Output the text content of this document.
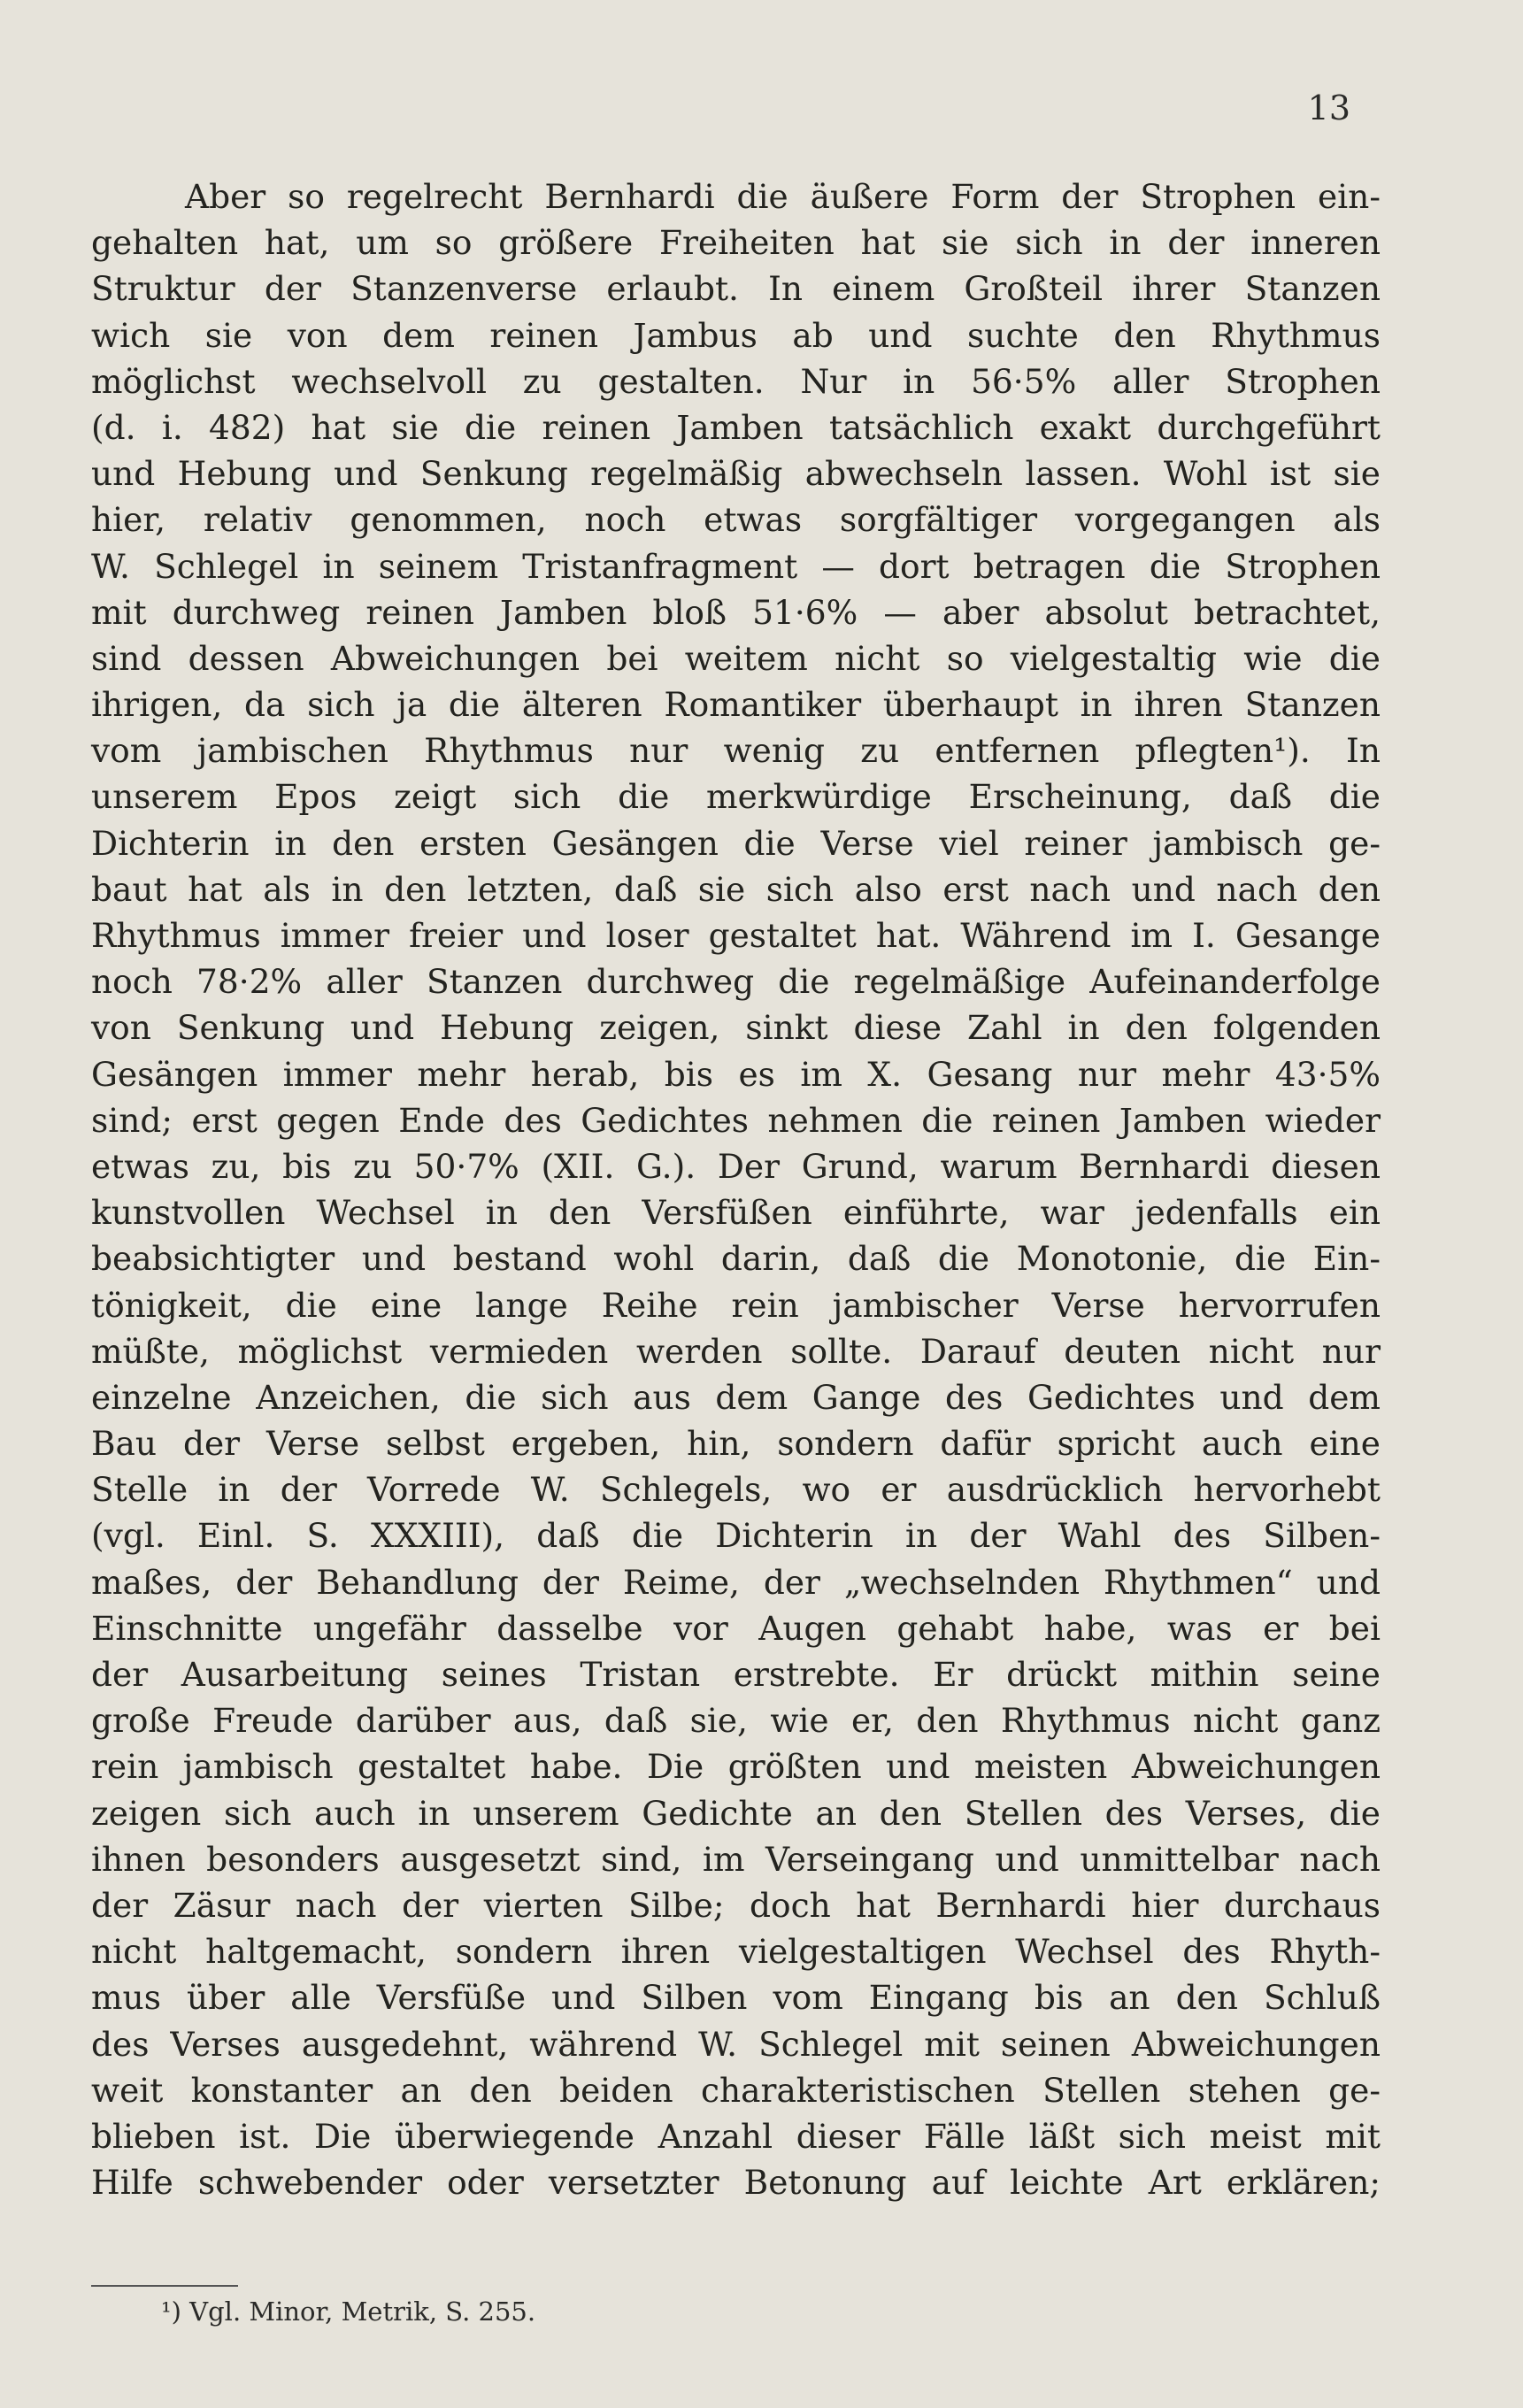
13

Aber so regelrecht Bernhardi die äußere Form der Strophen ein-
gehalten hat, um so größere Freiheiten hat sie sich in der inneren
Struktur der Stanzenverse erlaubt. In einem Großteil ihrer Stanzen
wich sie von dem reinen Jambus ab und suchte den Rhythmus
möglichst wechselvoll zu gestalten. Nur in 56·5% aller Strophen
(d. i. 482) hat sie die reinen Jamben tatsächlich exakt durchgeführt
und Hebung und Senkung regelmäßig abwechseln lassen. Wohl ist sie
hier, relativ genommen, noch etwas sorgfältiger vorgegangen als
W. Schlegel in seinem Tristanfragment — dort betragen die Strophen
mit durchweg reinen Jamben bloß 51·6% — aber absolut betrachtet,
sind dessen Abweichungen bei weitem nicht so vielgestaltig wie die
ihrigen, da sich ja die älteren Romantiker überhaupt in ihren Stanzen
vom jambischen Rhythmus nur wenig zu entfernen pflegten¹). In
unserem Epos zeigt sich die merkwürdige Erscheinung, daß die
Dichterin in den ersten Gesängen die Verse viel reiner jambisch ge-
baut hat als in den letzten, daß sie sich also erst nach und nach den
Rhythmus immer freier und loser gestaltet hat. Während im I. Gesange
noch 78·2% aller Stanzen durchweg die regelmäßige Aufeinanderfolge
von Senkung und Hebung zeigen, sinkt diese Zahl in den folgenden
Gesängen immer mehr herab, bis es im X. Gesang nur mehr 43·5%
sind; erst gegen Ende des Gedichtes nehmen die reinen Jamben wieder
etwas zu, bis zu 50·7% (XII. G.). Der Grund, warum Bernhardi diesen
kunstvollen Wechsel in den Versfüßen einführte, war jedenfalls ein
beabsichtigter und bestand wohl darin, daß die Monotonie, die Ein-
tönigkeit, die eine lange Reihe rein jambischer Verse hervorrufen
müßte, möglichst vermieden werden sollte. Darauf deuten nicht nur
einzelne Anzeichen, die sich aus dem Gange des Gedichtes und dem
Bau der Verse selbst ergeben, hin, sondern dafür spricht auch eine
Stelle in der Vorrede W. Schlegels, wo er ausdrücklich hervorhebt
(vgl. Einl. S. XXXIII), daß die Dichterin in der Wahl des Silben-
maßes, der Behandlung der Reime, der „wechselnden Rhythmen“ und
Einschnitte ungefähr dasselbe vor Augen gehabt habe, was er bei
der Ausarbeitung seines Tristan erstrebte. Er drückt mithin seine
große Freude darüber aus, daß sie, wie er, den Rhythmus nicht ganz
rein jambisch gestaltet habe. Die größten und meisten Abweichungen
zeigen sich auch in unserem Gedichte an den Stellen des Verses, die
ihnen besonders ausgesetzt sind, im Verseingang und unmittelbar nach
der Zäsur nach der vierten Silbe; doch hat Bernhardi hier durchaus
nicht haltgemacht, sondern ihren vielgestaltigen Wechsel des Rhyth-
mus über alle Versfüße und Silben vom Eingang bis an den Schluß
des Verses ausgedehnt, während W. Schlegel mit seinen Abweichungen
weit konstanter an den beiden charakteristischen Stellen stehen ge-
blieben ist. Die überwiegende Anzahl dieser Fälle läßt sich meist mit
Hilfe schwebender oder versetzter Betonung auf leichte Art erklären;

¹) Vgl. Minor, Metrik, S. 255.
